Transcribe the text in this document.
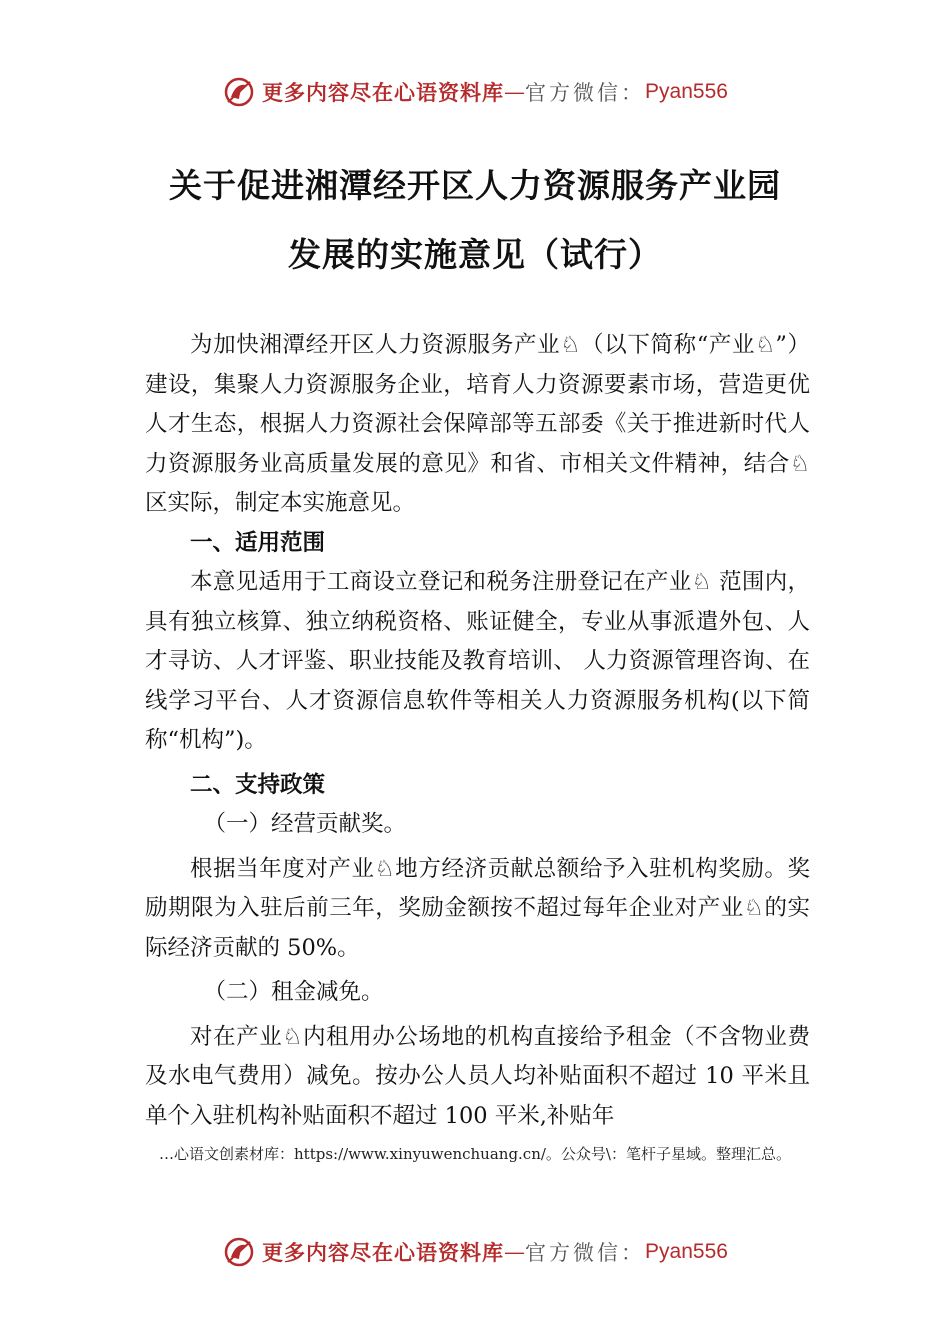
更多内容尽在心语资料库 — 官方微信： Pyan556
关于促进湘潭经开区人力资源服务产业园
发展的实施意见（试行）

为加快湘潭经开区人力资源服务产业♘（以下简称“产业♘”）建设，集聚人力资源服务企业，培育人力资源要素市场，营造更优人才生态，根据人力资源社会保障部等五部委《关于推进新时代人力资源服务业高质量发展的意见》和省、市相关文件精神，结合♘区实际，制定本实施意见。

一、适用范围

本意见适用于工商设立登记和税务注册登记在产业♘ 范围内，具有独立核算、独立纳税资格、账证健全，专业从事派遣外包、人才寻访、人才评鉴、职业技能及教育培训、 人力资源管理咨询、在线学习平台、人才资源信息软件等相关人力资源服务机构(以下简称“机构”)。

二、支持政策

（一）经营贡献奖。

根据当年度对产业♘地方经济贡献总额给予入驻机构奖励。奖励期限为入驻后前三年，奖励金额按不超过每年企业对产业♘的实际经济贡献的 50%。

（二）租金减免。

对在产业♘内租用办公场地的机构直接给予租金（不含物业费及水电气费用）减免。按办公人员人均补贴面积不超过 10 平米且单个入驻机构补贴面积不超过 100 平米,补贴年

…心语文创素材库：https://www.xinyuwenchuang.cn/。公众号\：笔杆子星域。整理汇总。
更多内容尽在心语资料库 — 官方微信： Pyan556
